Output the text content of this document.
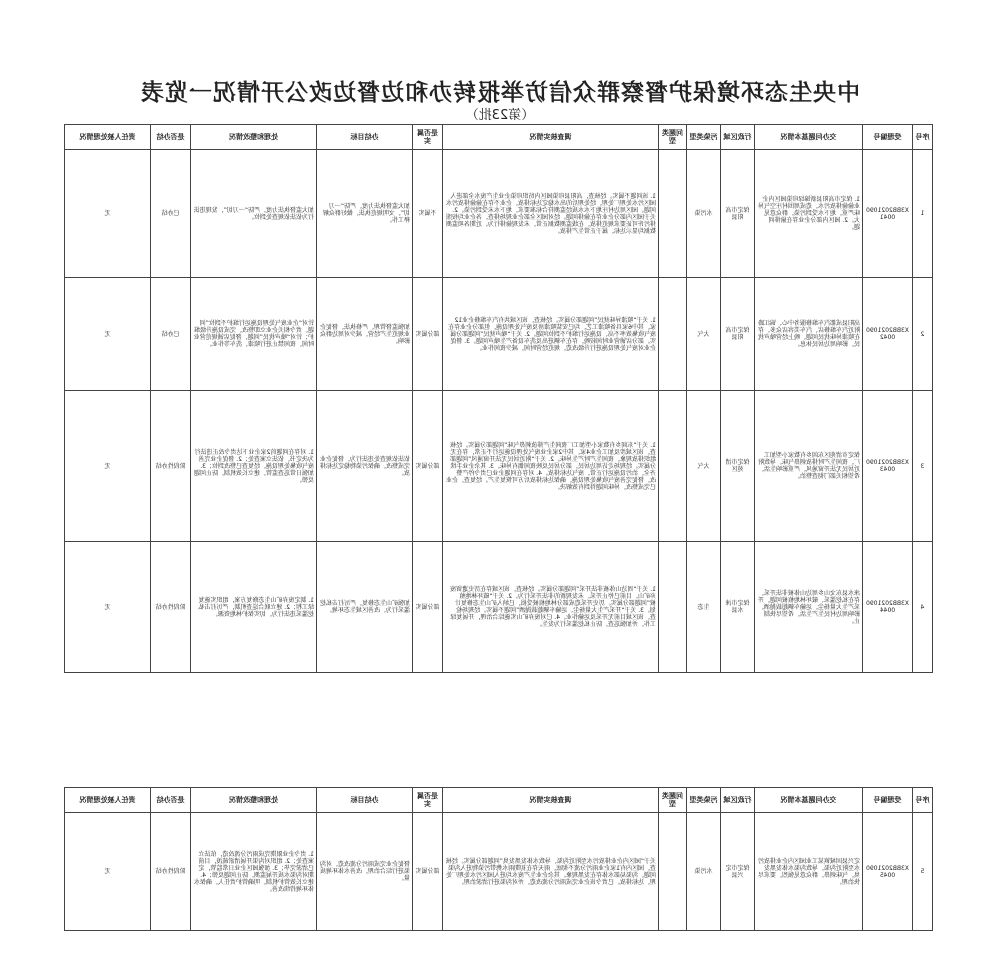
中央生态环境保护督察群众信访举报转办和边督边改公开情况一览表
（第23批）
序号	受理编号	交办问题基本情况	行政区域	污染类型	问题类型	调查核实情况	是否属实	办结目标	处理和整改情况	是否办结	责任人被处理情况
1	X3BB20210900041	1. 保定市高阳县新锦绿印染园区内企业偷偷排放污水，造成周围村庄空气异味严重，地下水受到污染，群众意见大。2. 园区内部分企业存在偷排问题。	保定市高阳县	水污染		1. 该问题不属实。经核查，高阳县印染园区内纺织印染企业生产废水全部进入园区污水处理厂处理，经处理后的出水稳定达标排放，企业不存在偷偷排放污水问题。园区周边村庄地下水水质经监测符合标准要求，地下水未受到污染。2. 关于园区内部分企业存在偷排问题。经对园区全部企业现场排查，各企业均按照排污许可证要求规范排放，在线监测数据正常，未发现偷排行为。近期各项监测数据均显示达标，属于正常生产排放。	不属实	加大监督执法力度，严防“一刀切”，文明规范执法，做好群众解释工作。	加大监督执法力度，严防“一刀切”，发现违法行为依法依规查处到位。	已办结	无
2	X3BB20210900042	高阳县成都汽车维修服务中心、锦江路附近汽车维修店、汽车美容店众多，存在喷漆异味扰民问题，晚上经营噪声扰民，影响周边居民休息。	保定市高阳县	大气		1. 关于“喷漆异味扰民”问题部分属实。经核查，该区域共有汽车维修企业12家，其中6家具备喷漆工艺，均已安装喷漆房及废气处理设施，但部分企业存在废气收集效率不高、设施运行维护不到位问题。2. 关于“噪声扰民”问题部分属实。部分店铺营业时间较晚，存在车辆进出及洗车设备产生噪声问题。3. 督促企业对废气处理设施进行升级改造，规范经营时间，减少夜间作业。	部分属实	加强监督管理，严格执法，督促企业规范生产经营，减少对周边群众影响。	针对“企业废气处理设施运行维护不到位”问题，责令相关企业立即整改，完成设施升级维护；针对“噪声扰民”问题，督促店铺规范营业时间，夜间禁止进行喷漆、洗车等作业。	已办结	无
3	X3BB20210900043	保定市清苑区东闾乡有数家小型加工厂，夜间生产时排放刺鼻气味，导致附近居民无法开窗通风，严重影响生活，希望相关部门彻查整治。	保定市清苑区	大气		1. 关于“东闾乡有数家小型加工厂夜间生产排放刺鼻气味”问题部分属实。经核查，该区域涉及加工企业4家，其中2家企业废气处理设施运行不正常，存在无组织排放现象，夜间生产时产生异味。2. 关于“附近居民无法开窗通风”问题部分属实。经现场走访周边居民，部分居民反映夜间偶有异味。3. 其余企业手续齐全，治污设施运行正常，废气达标排放。4. 对存在问题企业已责令停产整改，督促完善废气收集处理设施，确保达标排放后方可恢复生产。经复查，企业已完成整改，异味问题得到有效解决。	部分属实	依法依规查处违法行为，督促企业完成整改，确保污染物稳定达标排放。	1. 对存在问题的2家企业下达责令改正违法行为决定书，依法立案查处；2. 督促企业完善废气收集处理设施，经复查已整改到位；3. 加强日常巡查监管，建立长效机制，防止问题反弹。	阶段性办结	无
4	X3BB20210900044	涞水县东文山乡周边山体被非法开采，存在私挖滥采、破坏林地植被问题，开采产生大量扬尘，运输车辆超载抛洒，影响周边村民生产生活，希望尽快制止。	保定市涞水县	生态		1. 关于“周边山体被非法开采”问题部分属实。经核查，该区域存在历史遗留废弃矿山，目前已停止开采，未发现新的非法开采行为。2. 关于“破坏林地植被”问题部分属实。历史开采造成部分林地植被受损，已纳入矿山生态修复计划。3. 关于“开采产生大量扬尘、运输车辆超载抛洒”问题不属实。经现场检查，该区域目前无开采及运输作业。4. 已对废弃矿山实施综合治理，开展复绿工作，并加强巡查，防止私挖滥采行为发生。	部分属实	加强矿山生态修复，严厉打击私挖滥采行为，改善区域生态环境。	1. 制定废弃矿山生态修复方案，组织实施复绿工程；2. 建立联合巡查机制，严厉打击私挖滥采违法行为，切实保护林地资源。	阶段性办结	无
序号	受理编号	交办问题基本情况	行政区域	污染类型	问题类型	调查核实情况	是否属实	办结目标	处理和整改情况	是否办结	责任人被处理情况
5	X3BB20210900045	定兴县固城镇某工业园区内企业排放污水至附近沟渠，导致沟渠水体发黑发臭，气味刺鼻，群众意见强烈，要求尽快治理。	保定市定兴县	水污染		关于“园区内企业排放污水至附近沟渠，导致水体发黑发臭”问题部分属实。经核查，园区内有1家企业雨污分流不彻底，雨天存在初期雨水携带污染物进入沟渠问题，沟渠局部水体存在发黑现象。其余企业生产废水均进入园区污水处理厂处理，达标排放。已责令该企业完成雨污分流改造，并对沟渠进行清淤治理。	部分属实	督促企业完成雨污分流改造，对沟渠进行综合治理，改善水体环境质量。	1. 责令企业限期完成雨污分流改造，依法立案查处；2. 组织对沟渠开展清淤疏浚，目前已清淤完毕；3. 加强园区企业日常监管，定期对沟渠水质开展监测，防止问题反弹；4. 建立长效管护机制，明确管护责任人，确保水体环境持续改善。	阶段性办结	无
